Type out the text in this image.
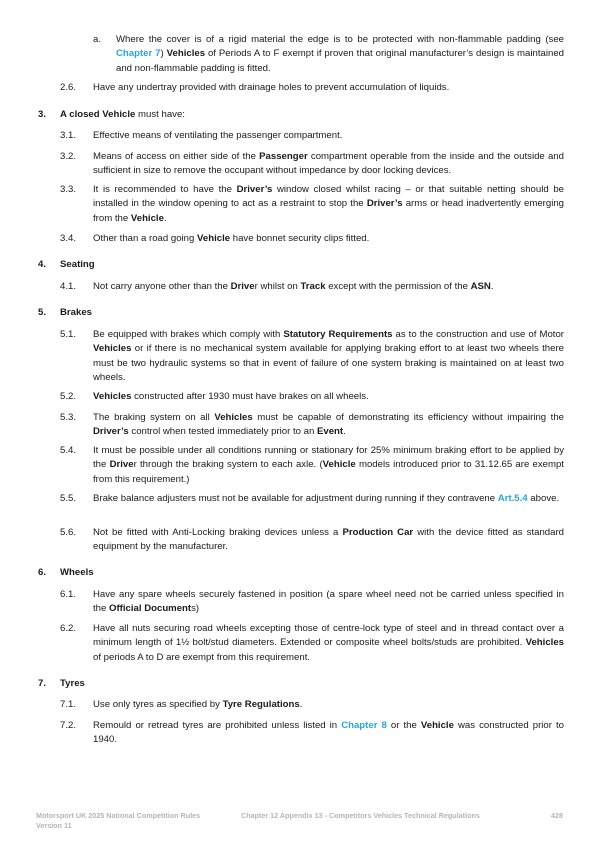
a. Where the cover is of a rigid material the edge is to be protected with non-flammable padding (see Chapter 7) Vehicles of Periods A to F exempt if proven that original manufacturer’s design is maintained and non-flammable padding is fitted.
2.6. Have any undertray provided with drainage holes to prevent accumulation of liquids.
3. A closed Vehicle must have:
3.1. Effective means of ventilating the passenger compartment.
3.2. Means of access on either side of the Passenger compartment operable from the inside and the outside and sufficient in size to remove the occupant without impedance by door locking devices.
3.3. It is recommended to have the Driver’s window closed whilst racing – or that suitable netting should be installed in the window opening to act as a restraint to stop the Driver’s arms or head inadvertently emerging from the Vehicle.
3.4. Other than a road going Vehicle have bonnet security clips fitted.
4. Seating
4.1. Not carry anyone other than the Driver whilst on Track except with the permission of the ASN.
5. Brakes
5.1. Be equipped with brakes which comply with Statutory Requirements as to the construction and use of Motor Vehicles or if there is no mechanical system available for applying braking effort to at least two wheels there must be two hydraulic systems so that in event of failure of one system braking is maintained on at least two wheels.
5.2. Vehicles constructed after 1930 must have brakes on all wheels.
5.3. The braking system on all Vehicles must be capable of demonstrating its efficiency without impairing the Driver’s control when tested immediately prior to an Event.
5.4. It must be possible under all conditions running or stationary for 25% minimum braking effort to be applied by the Driver through the braking system to each axle. (Vehicle models introduced prior to 31.12.65 are exempt from this requirement.)
5.5. Brake balance adjusters must not be available for adjustment during running if they contravene Art.5.4 above.
5.6. Not be fitted with Anti-Locking braking devices unless a Production Car with the device fitted as standard equipment by the manufacturer.
6. Wheels
6.1. Have any spare wheels securely fastened in position (a spare wheel need not be carried unless specified in the Official Documents)
6.2. Have all nuts securing road wheels excepting those of centre-lock type of steel and in thread contact over a minimum length of 1½ bolt/stud diameters. Extended or composite wheel bolts/studs are prohibited. Vehicles of periods A to D are exempt from this requirement.
7. Tyres
7.1. Use only tyres as specified by Tyre Regulations.
7.2. Remould or retread tyres are prohibited unless listed in Chapter 8 or the Vehicle was constructed prior to 1940.
Motorsport UK 2025 National Competition Rules
Version 11
Chapter 12 Appendix 13 - Competitors Vehicles Technical Regulations	428
